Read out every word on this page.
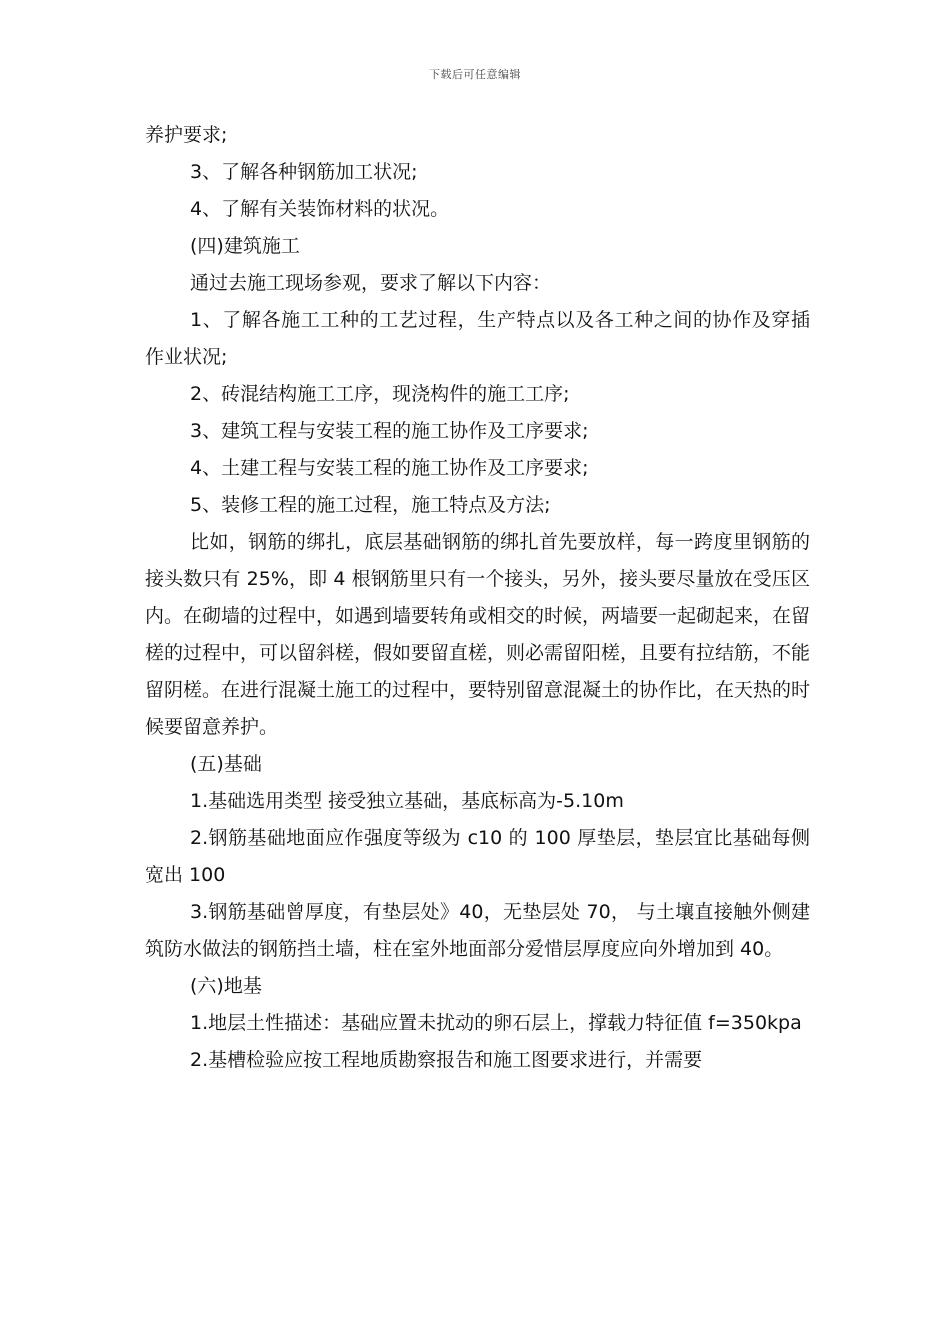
下载后可任意编辑

养护要求;

3、了解各种钢筋加工状况;

4、了解有关装饰材料的状况。

(四)建筑施工

通过去施工现场参观，要求了解以下内容：

1、了解各施工工种的工艺过程，生产特点以及各工种之间的协作及穿插作业状况;

2、砖混结构施工工序，现浇构件的施工工序;

3、建筑工程与安装工程的施工协作及工序要求;

4、土建工程与安装工程的施工协作及工序要求;

5、装修工程的施工过程，施工特点及方法;

比如，钢筋的绑扎，底层基础钢筋的绑扎首先要放样，每一跨度里钢筋的接头数只有 25%，即 4 根钢筋里只有一个接头，另外，接头要尽量放在受压区内。在砌墙的过程中，如遇到墙要转角或相交的时候，两墙要一起砌起来，在留槎的过程中，可以留斜槎，假如要留直槎，则必需留阳槎，且要有拉结筋，不能留阴槎。在进行混凝土施工的过程中，要特别留意混凝土的协作比，在天热的时候要留意养护。

(五)基础

1.基础选用类型 接受独立基础，基底标高为-5.10m

2.钢筋基础地面应作强度等级为 c10 的 100 厚垫层，垫层宜比基础每侧宽出 100

3.钢筋基础曾厚度，有垫层处》40，无垫层处 70， 与土壤直接触外侧建筑防水做法的钢筋挡土墙，柱在室外地面部分爱惜层厚度应向外增加到 40。

(六)地基

1.地层土性描述：基础应置未扰动的卵石层上，撑载力特征值 f=350kpa

2.基槽检验应按工程地质勘察报告和施工图要求进行，并需要
